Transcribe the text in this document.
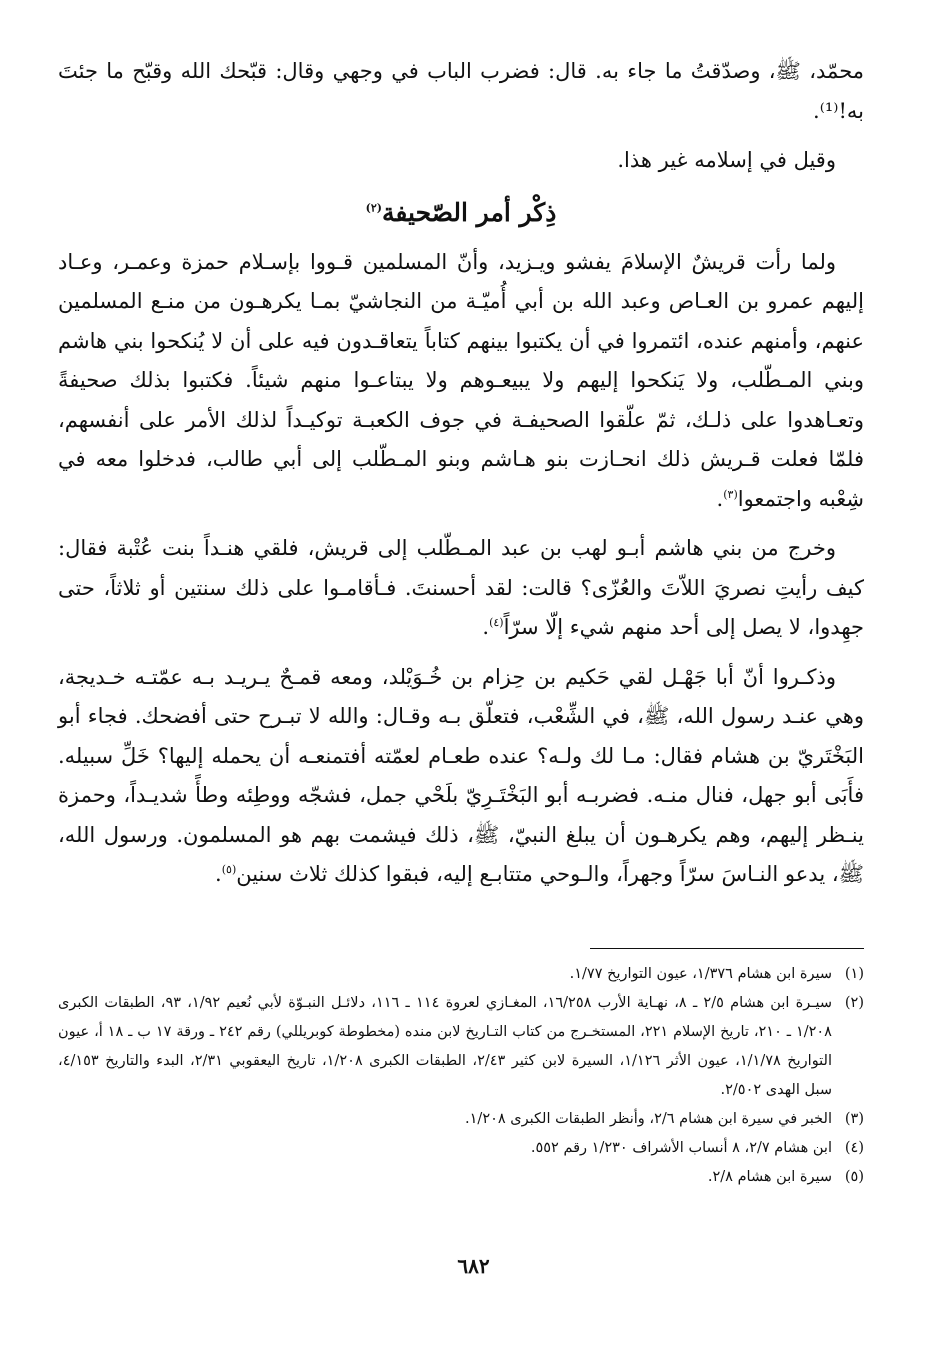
محمّد، ﷺ، وصدّقتُ ما جاء به. قال: فضرب الباب في وجهي وقال: قبّحك الله وقبّح ما جئتَ به!⁽¹⁾.

وقيل في إسلامه غير هذا.

ذِكْر أمر الصّحيفة$^{(٢)}$

ولما رأت قريشٌ الإسلامَ يفشو ويـزيد، وأنّ المسلمين قـووا بإسـلام حمزة وعمـر، وعـاد إليهم عمرو بن العـاص وعبد الله بن أبي أُميّـة من النجاشيّ بمـا يكرهـون من منـع المسلمين عنهم، وأمنهم عنده، ائتمروا في أن يكتبوا بينهم كتاباً يتعاقـدون فيه على أن لا يُنكحوا بني هاشم وبني المـطّلب، ولا يَنكحوا إليهم ولا يبيعـوهم ولا يبتاعـوا منهم شيئاً. فكتبوا بذلك صحيفةً وتعـاهدوا على ذلـك، ثمّ علّقوا الصحيفـة في جوف الكعبـة توكيـداً لذلك الأمر على أنفسهم، فلمّا فعلت قـريش ذلك انحـازت بنو هـاشم وبنو المـطّلب إلى أبي طالب، فدخلوا معه في شِعْبه واجتمعوا$^{(٣)}$.

وخرج من بني هاشم أبـو لهب بن عبد المـطّلب إلى قريش، فلقي هنـداً بنت عُتْبة فقال: كيف رأيتِ نصريَ اللاّتَ والعُزّى؟ قالت: لقد أحسنتَ. فـأقامـوا على ذلك سنتين أو ثلاثاً، حتى جهِدوا، لا يصل إلى أحد منهم شيء إلّا سرّاً$^{(٤)}$.

وذكـروا أنّ أبا جَهْـل لقي حَكيم بن حِزام بن خُـوَيْلد، ومعه قمـحٌ يـريـد بـه عمّتـه خـديجة، وهي عنـد رسول الله، ﷺ، في الشِّعْب، فتعلّق بـه وقـال: والله لا تبـرح حتى أفضحك. فجاء أبو البَخْتَريّ بن هشام فقال: مـا لك ولـه؟ عنده طعـام لعمّته أفتمنعـه أن يحمله إليها؟ خَلِّ سبيله. فأَبَى أبو جهل، فنال منـه. فضربـه أبو البَخْتَـرِيّ بلَحْي جمل، فشجّه ووطِئه وطأً شديـداً، وحمزة ينـظر إليهم، وهم يكرهـون أن يبلغ النبيّ، ﷺ، ذلك فيشمت بهم هو المسلمون. ورسول الله، ﷺ، يدعو النـاسَ سرّاً وجهراً، والـوحي متتابـع إليه، فبقوا كذلك ثلاث سنين$^{(٥)}$.

(١)
سيرة ابن هشام ١/٣٧٦، عيون التواريخ ١/٧٧.
(٢)
سيـرة ابن هشام ٢/٥ ـ ٨، نهـاية الأرب ١٦/٢٥٨، المغـازي لعروة ١١٤ ـ ١١٦، دلائـل النبـوّة لأبي نُعيم ١/٩٢، ٩٣، الطبقات الكبرى ١/٢٠٨ ـ ٢١٠، تاريخ الإسلام ٢٢١، المستخـرج من كتاب التـاريخ لابن منده (مخطوطة كوبريللي) رقم ٢٤٢ ـ ورقة ١٧ ب ـ ١٨ أ، عيون التواريخ ١/١/٧٨، عيون الأثر ١/١٢٦، السيرة لابن كثير ٢/٤٣، الطبقات الكبرى ١/٢٠٨، تاريخ اليعقوبي ٢/٣١، البدء والتاريخ ٤/١٥٣، سبل الهدى ٢/٥٠٢.
(٣)
الخبر في سيرة ابن هشام ٢/٦، وأنظر الطبقات الكبرى ١/٢٠٨.
(٤)
ابن هشام ٢/٧، ٨ أنساب الأشراف ١/٢٣٠ رقم ٥٥٢.
(٥)
سيرة ابن هشام ٢/٨.
٦٨٢
